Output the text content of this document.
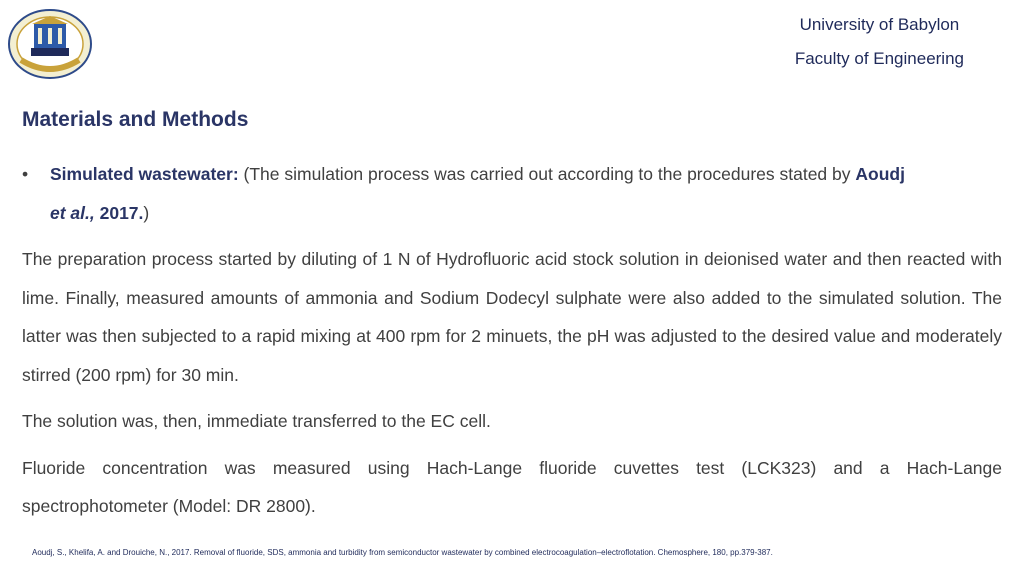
University of Babylon
Faculty of Engineering
Materials and Methods
•	Simulated wastewater: (The simulation process was carried out according to the procedures stated by Aoudj
et al., 2017.)
The preparation process started by diluting of 1 N of Hydrofluoric acid stock solution in deionised water and then reacted with lime. Finally, measured amounts of ammonia and Sodium Dodecyl sulphate were also added to the simulated solution. The latter was then subjected to a rapid mixing at 400 rpm for 2 minuets, the pH was adjusted to the desired value and moderately stirred (200 rpm) for 30 min.
The solution was, then, immediate transferred to the EC cell.
Fluoride concentration was measured using Hach-Lange fluoride cuvettes test (LCK323) and a Hach-Lange spectrophotometer (Model: DR 2800).
Aoudj, S., Khelifa, A. and Drouiche, N., 2017. Removal of fluoride, SDS, ammonia and turbidity from semiconductor wastewater by combined electrocoagulation–electroflotation. Chemosphere, 180, pp.379-387.
